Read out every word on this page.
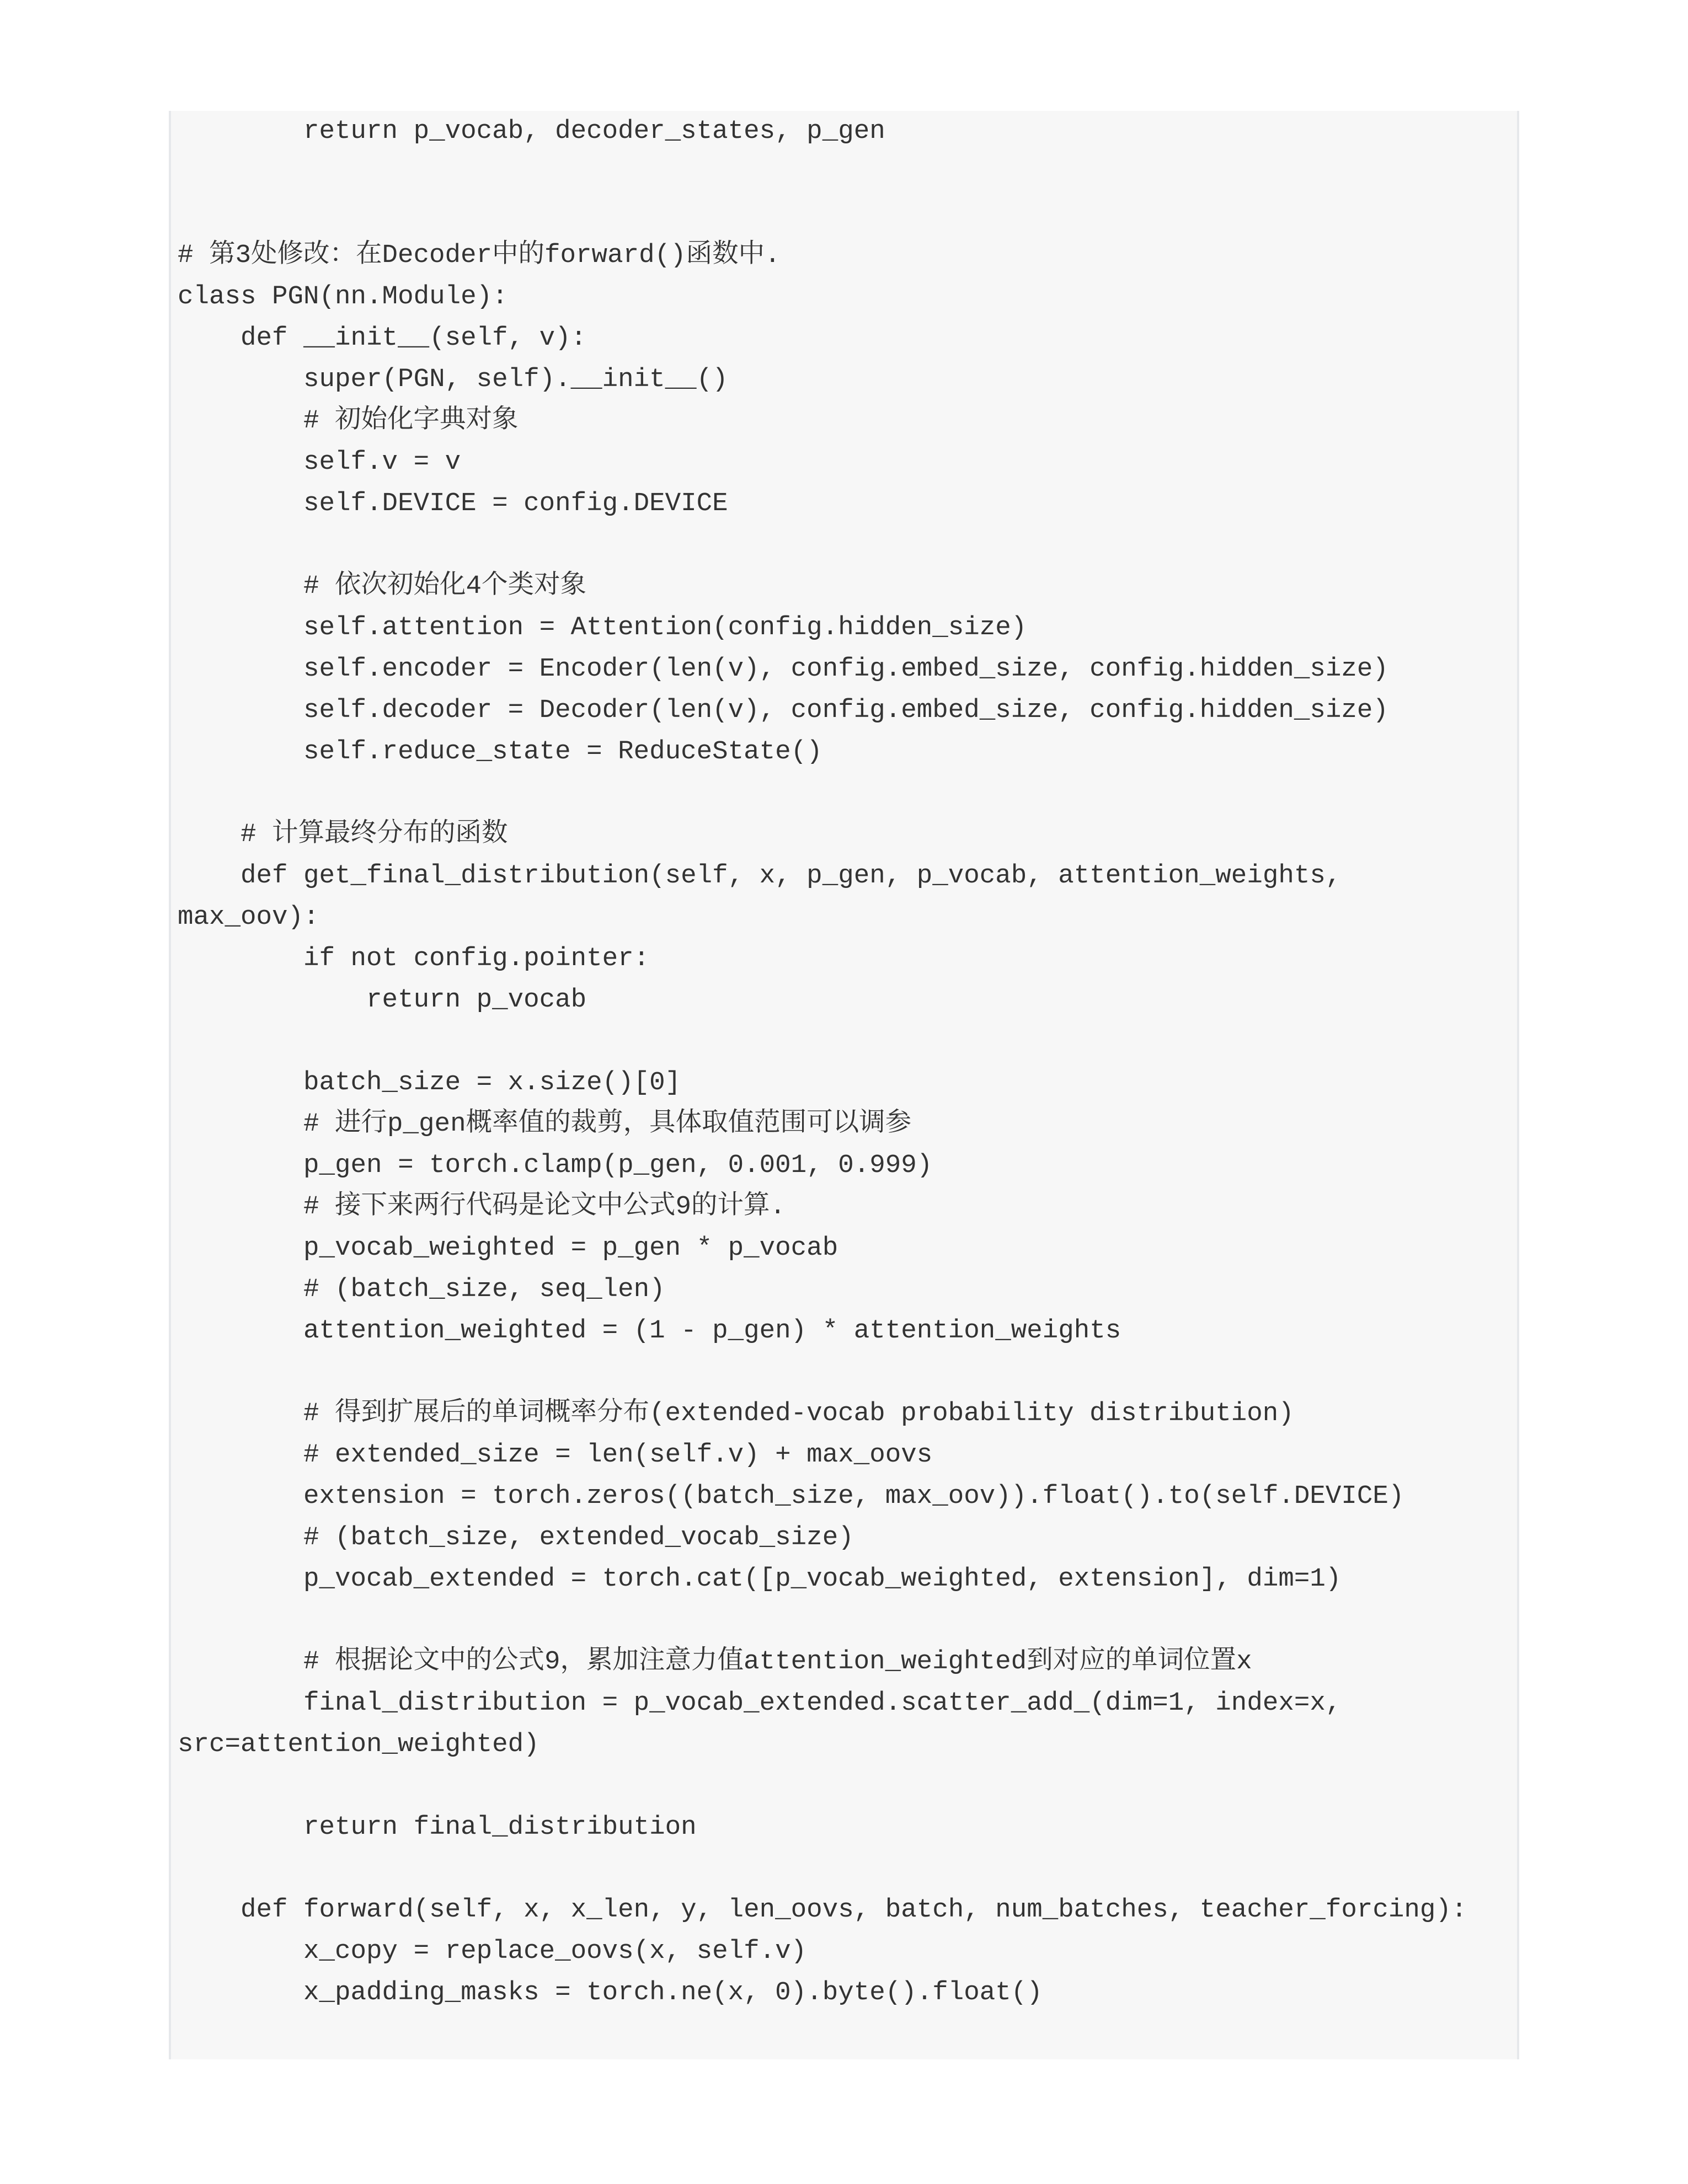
return p_vocab, decoder_states, p_gen
# 第3处修改：在Decoder中的forward()函数中.
class PGN(nn.Module):
def __init__(self, v):
super(PGN, self).__init__()
# 初始化字典对象
self.v = v
self.DEVICE = config.DEVICE
# 依次初始化4个类对象
self.attention = Attention(config.hidden_size)
self.encoder = Encoder(len(v), config.embed_size, config.hidden_size)
self.decoder = Decoder(len(v), config.embed_size, config.hidden_size)
self.reduce_state = ReduceState()
# 计算最终分布的函数
def get_final_distribution(self, x, p_gen, p_vocab, attention_weights,
max_oov):
if not config.pointer:
return p_vocab
batch_size = x.size()[0]
# 进行p_gen概率值的裁剪，具体取值范围可以调参
p_gen = torch.clamp(p_gen, 0.001, 0.999)
# 接下来两行代码是论文中公式9的计算.
p_vocab_weighted = p_gen * p_vocab
# (batch_size, seq_len)
attention_weighted = (1 - p_gen) * attention_weights
# 得到扩展后的单词概率分布(extended-vocab probability distribution)
# extended_size = len(self.v) + max_oovs
extension = torch.zeros((batch_size, max_oov)).float().to(self.DEVICE)
# (batch_size, extended_vocab_size)
p_vocab_extended = torch.cat([p_vocab_weighted, extension], dim=1)
# 根据论文中的公式9，累加注意力值attention_weighted到对应的单词位置x
final_distribution = p_vocab_extended.scatter_add_(dim=1, index=x,
src=attention_weighted)
return final_distribution
def forward(self, x, x_len, y, len_oovs, batch, num_batches, teacher_forcing):
x_copy = replace_oovs(x, self.v)
x_padding_masks = torch.ne(x, 0).byte().float()
